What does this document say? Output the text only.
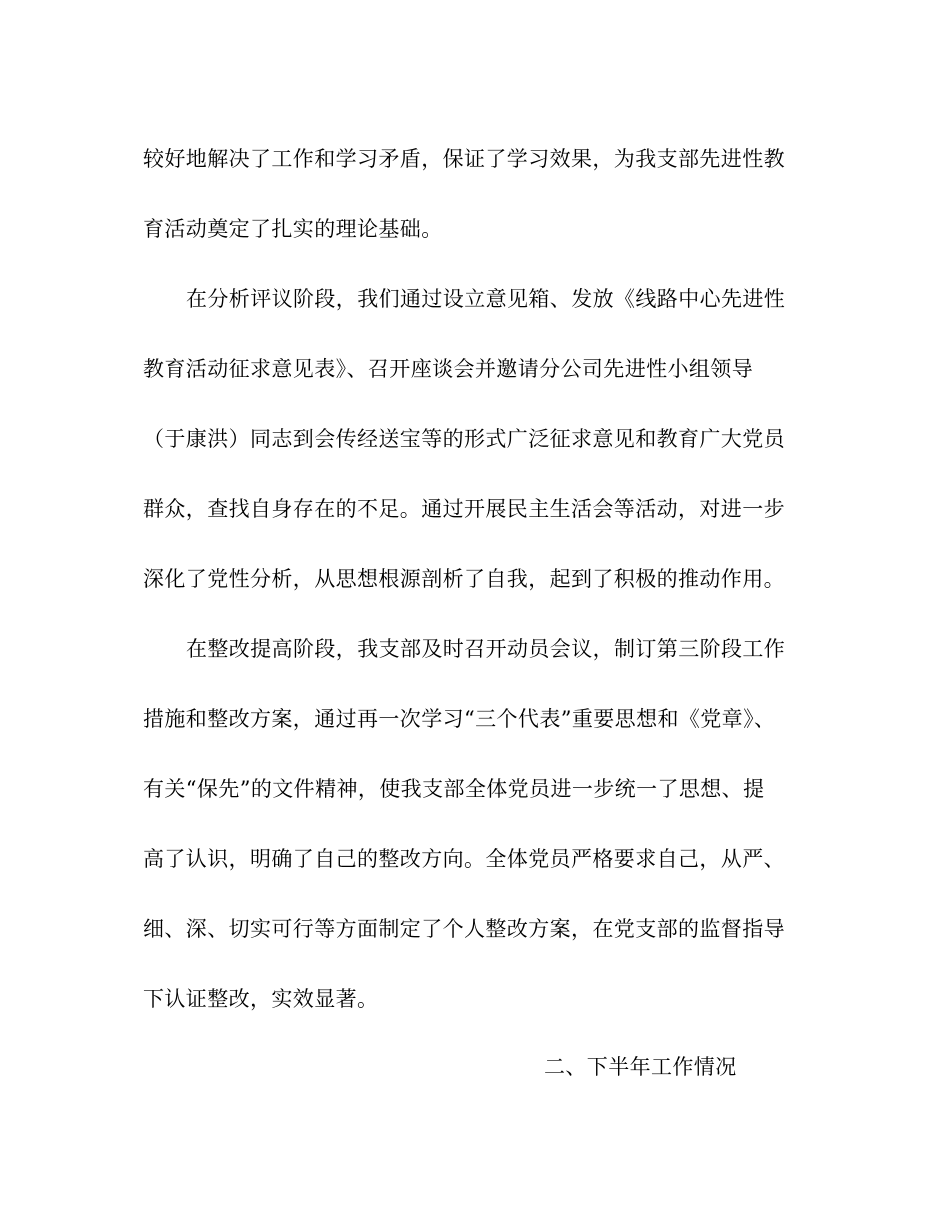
较好地解决了工作和学习矛盾，保证了学习效果，为我支部先进性教
育活动奠定了扎实的理论基础。
在分析评议阶段，我们通过设立意见箱、发放《线路中心先进性
教育活动征求意见表》、召开座谈会并邀请分公司先进性小组领导
（于康洪）同志到会传经送宝等的形式广泛征求意见和教育广大党员
群众，查找自身存在的不足。通过开展民主生活会等活动，对进一步
深化了党性分析，从思想根源剖析了自我，起到了积极的推动作用。
在整改提高阶段，我支部及时召开动员会议，制订第三阶段工作
措施和整改方案，通过再一次学习“三个代表”重要思想和《党章》、
有关“保先”的文件精神，使我支部全体党员进一步统一了思想、提
高了认识，明确了自己的整改方向。全体党员严格要求自己，从严、
细、深、切实可行等方面制定了个人整改方案，在党支部的监督指导
下认证整改，实效显著。
二、下半年工作情况
